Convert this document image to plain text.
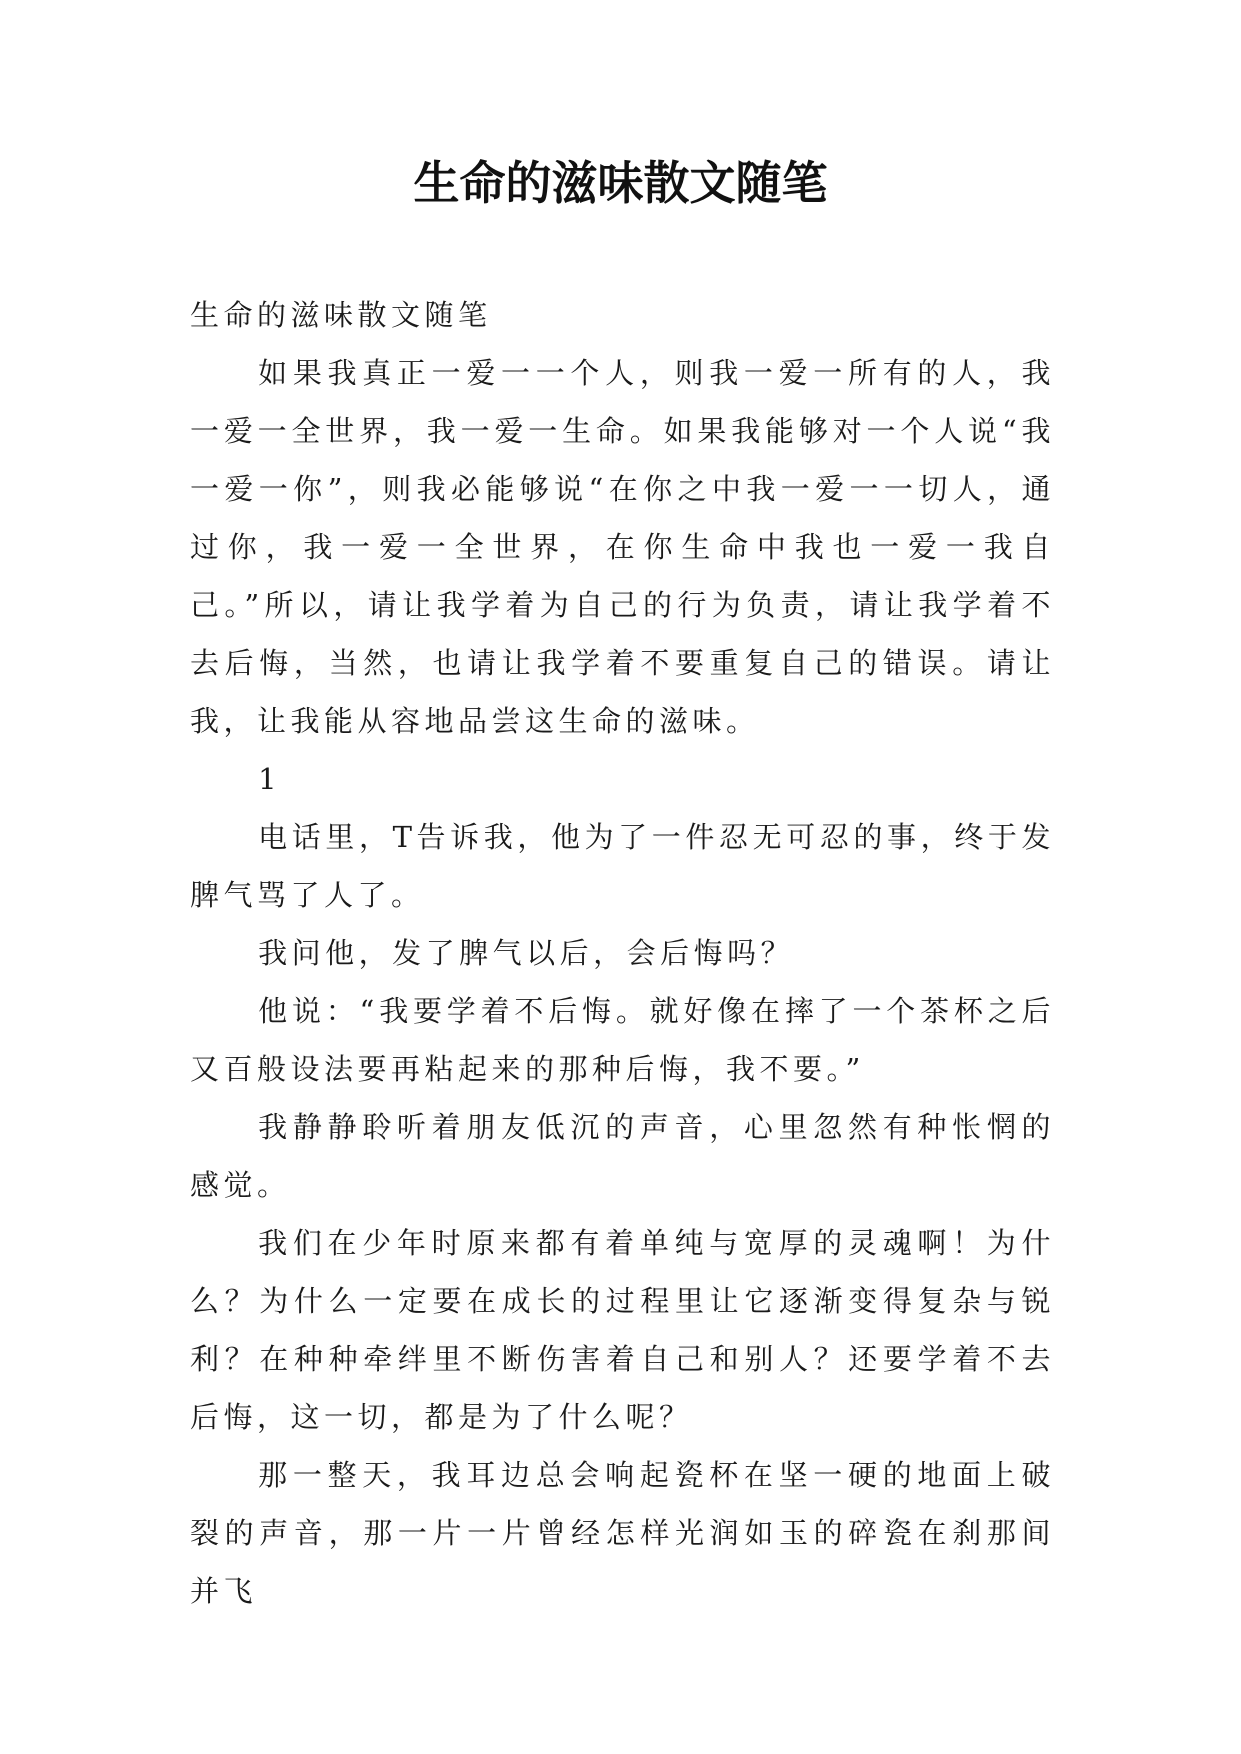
生命的滋味散文随笔

生命的滋味散文随笔

如果我真正一爱一一个人，则我一爱一所有的人，我一爱一全世界，我一爱一生命。如果我能够对一个人说“我一爱一你”，则我必能够说“在你之中我一爱一一切人，通过你，我一爱一全世界，在你生命中我也一爱一我自己。”所以，请让我学着为自己的行为负责，请让我学着不去后悔，当然，也请让我学着不要重复自己的错误。请让我，让我能从容地品尝这生命的滋味。

1

电话里，T告诉我，他为了一件忍无可忍的事，终于发脾气骂了人了。

我问他，发了脾气以后，会后悔吗？

他说：“我要学着不后悔。就好像在摔了一个茶杯之后又百般设法要再粘起来的那种后悔，我不要。”

我静静聆听着朋友低沉的声音，心里忽然有种怅惘的感觉。

我们在少年时原来都有着单纯与宽厚的灵魂啊！为什么？为什么一定要在成长的过程里让它逐渐变得复杂与锐利？在种种牵绊里不断伤害着自己和别人？还要学着不去后悔，这一切，都是为了什么呢？

那一整天，我耳边总会响起瓷杯在坚一硬的地面上破裂的声音，那一片一片曾经怎样光润如玉的碎瓷在刹那间并飞
